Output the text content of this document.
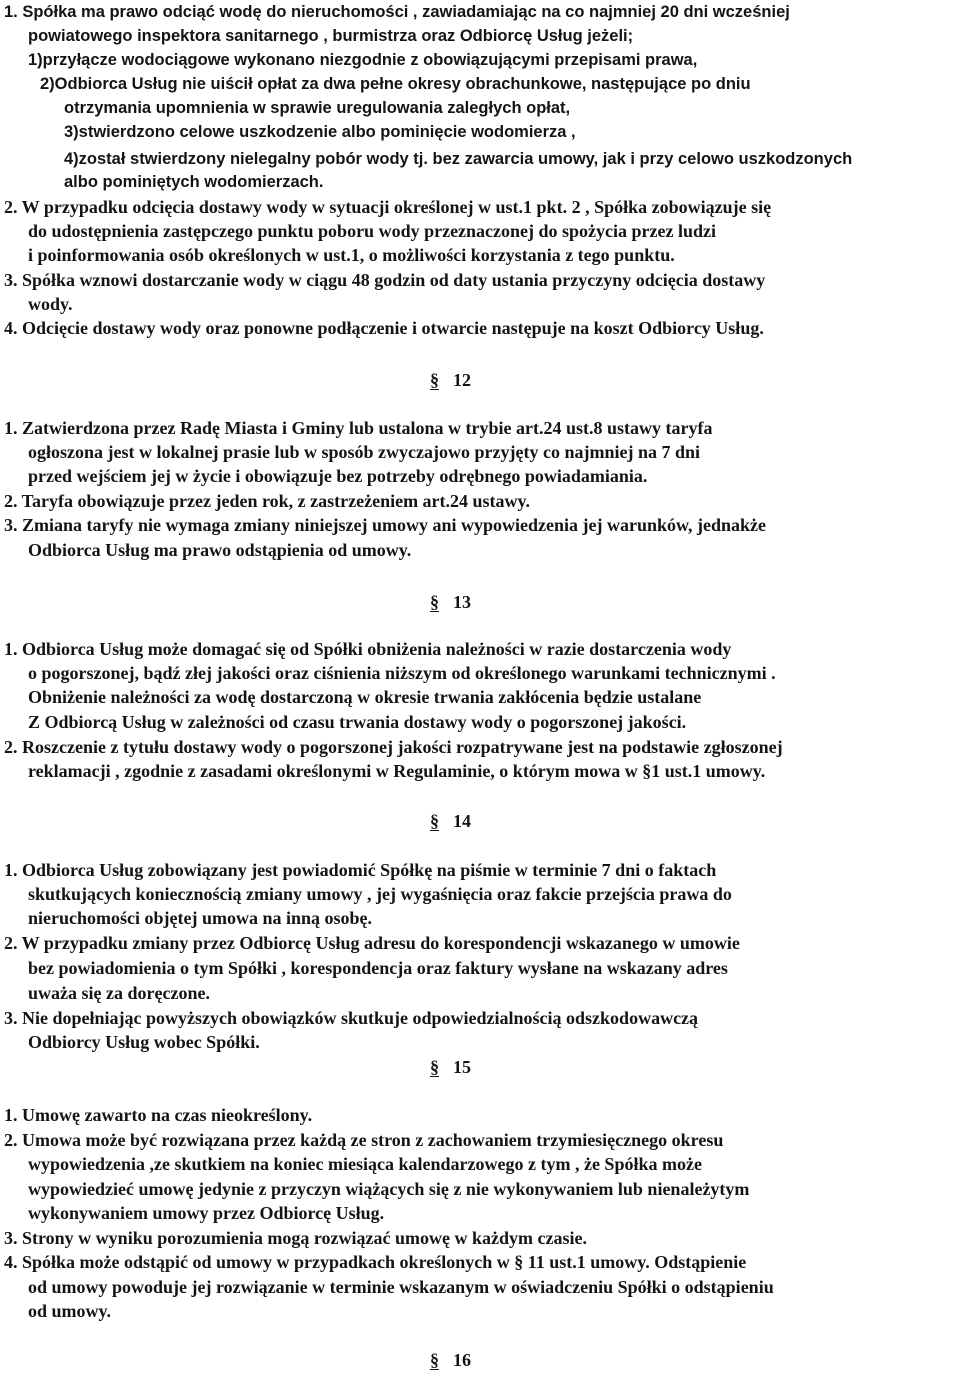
1. Spółka ma prawo odciąć wodę do nieruchomości , zawiadamiając na co najmniej 20 dni wcześniej
powiatowego inspektora sanitarnego , burmistrza oraz Odbiorcę Usług jeżeli;
1)przyłącze wodociągowe wykonano niezgodnie z obowiązującymi przepisami prawa,
2)Odbiorca Usług nie uiścił opłat za dwa pełne okresy obrachunkowe, następujące po dniu
otrzymania upomnienia w sprawie uregulowania zaległych opłat,
3)stwierdzono celowe uszkodzenie albo pominięcie wodomierza ,
4)został stwierdzony nielegalny pobór wody tj. bez zawarcia umowy, jak i przy celowo uszkodzonych
albo pominiętych wodomierzach.
2. W przypadku odcięcia dostawy wody w sytuacji określonej w ust.1 pkt. 2 , Spółka zobowiązuje się
do udostępnienia zastępczego punktu poboru wody przeznaczonej do spożycia przez ludzi
i poinformowania osób określonych w ust.1, o możliwości korzystania z tego punktu.
3. Spółka wznowi dostarczanie wody w ciągu 48 godzin od daty ustania przyczyny odcięcia dostawy
wody.
4. Odcięcie dostawy wody oraz ponowne podłączenie i otwarcie następuje na koszt Odbiorcy Usług.
§ 12
1. Zatwierdzona przez Radę Miasta i Gminy lub ustalona w trybie art.24 ust.8 ustawy taryfa
ogłoszona jest w lokalnej prasie lub w sposób zwyczajowo przyjęty co najmniej na 7 dni
przed wejściem jej w życie i obowiązuje bez potrzeby odrębnego powiadamiania.
2. Taryfa obowiązuje przez jeden rok, z zastrzeżeniem art.24 ustawy.
3. Zmiana taryfy nie wymaga zmiany niniejszej umowy ani wypowiedzenia jej warunków, jednakże
Odbiorca Usług ma prawo odstąpienia od umowy.
§ 13
1. Odbiorca Usług może domagać się od Spółki obniżenia należności w razie dostarczenia wody
o pogorszonej, bądź złej jakości oraz ciśnienia niższym od określonego warunkami technicznymi .
Obniżenie należności za wodę dostarczoną w okresie trwania zakłócenia będzie ustalane
Z Odbiorcą Usług w zależności od czasu trwania dostawy wody o pogorszonej jakości.
2. Roszczenie z tytułu dostawy wody o pogorszonej jakości rozpatrywane jest na podstawie zgłoszonej
reklamacji , zgodnie z zasadami określonymi w Regulaminie, o którym mowa w §1 ust.1 umowy.
§ 14
1. Odbiorca Usług zobowiązany jest powiadomić Spółkę na piśmie w terminie 7 dni o faktach
skutkujących koniecznością zmiany umowy , jej wygaśnięcia oraz fakcie przejścia prawa do
nieruchomości objętej umowa na inną osobę.
2. W przypadku zmiany przez Odbiorcę Usług adresu do korespondencji wskazanego w umowie
bez powiadomienia o tym Spółki , korespondencja oraz faktury wysłane na wskazany adres
uważa się za doręczone.
3. Nie dopełniając powyższych obowiązków skutkuje odpowiedzialnością odszkodowawczą
Odbiorcy Usług wobec Spółki.
§ 15
1. Umowę zawarto na czas nieokreślony.
2. Umowa może być rozwiązana przez każdą ze stron z zachowaniem trzymiesięcznego okresu
wypowiedzenia ,ze skutkiem na koniec miesiąca kalendarzowego z tym , że Spółka może
wypowiedzieć umowę jedynie z przyczyn wiążących się z nie wykonywaniem lub nienależytym
wykonywaniem umowy przez Odbiorcę Usług.
3. Strony w wyniku porozumienia mogą rozwiązać umowę w każdym czasie.
4. Spółka może odstąpić od umowy w przypadkach określonych w § 11 ust.1 umowy. Odstąpienie
od umowy powoduje jej rozwiązanie w terminie wskazanym w oświadczeniu Spółki o odstąpieniu
od umowy.
§ 16
